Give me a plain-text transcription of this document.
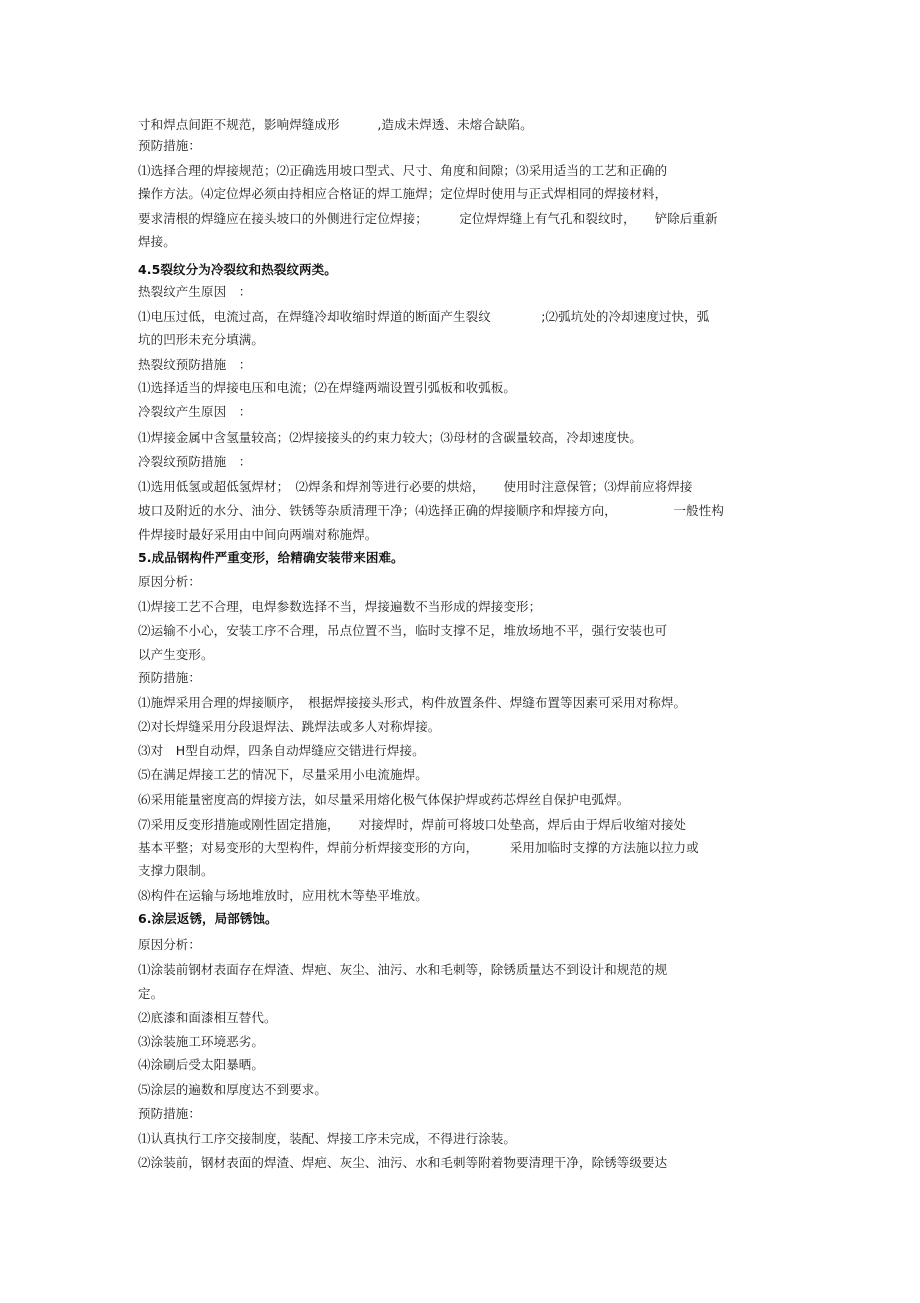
寸和焊点间距不规范，影响焊缝成形　　　,造成未焊透、未熔合缺陷。
预防措施：
⑴选择合理的焊接规范；⑵正确选用坡口型式、尺寸、角度和间隙；⑶采用适当的工艺和正确的
操作方法。⑷定位焊必须由持相应合格证的焊工施焊；定位焊时使用与正式焊相同的焊接材料，
要求清根的焊缝应在接头坡口的外侧进行定位焊接；　　　定位焊焊缝上有气孔和裂纹时，　　铲除后重新
焊接。
4.5裂纹分为冷裂纹和热裂纹两类。
热裂纹产生原因　：
⑴电压过低，电流过高，在焊缝冷却收缩时焊道的断面产生裂纹　　　　;⑵弧坑处的冷却速度过快，弧
坑的凹形未充分填满。
热裂纹预防措施　：
⑴选择适当的焊接电压和电流；⑵在焊缝两端设置引弧板和收弧板。
冷裂纹产生原因　：
⑴焊接金属中含氢量较高；⑵焊接接头的约束力较大；⑶母材的含碳量较高，冷却速度快。
冷裂纹预防措施　：
⑴选用低氢或超低氢焊材；　⑵焊条和焊剂等进行必要的烘焙，　　使用时注意保管；⑶焊前应将焊接
坡口及附近的水分、油分、铁锈等杂质清理干净；⑷选择正确的焊接顺序和焊接方向，　　　　　一般性构
件焊接时最好采用由中间向两端对称施焊。
5.成品钢构件严重变形，给精确安装带来困难。
原因分析：
⑴焊接工艺不合理，电焊参数选择不当，焊接遍数不当形成的焊接变形；
⑵运输不小心，安装工序不合理，吊点位置不当，临时支撑不足，堆放场地不平，强行安装也可
以产生变形。
预防措施：
⑴施焊采用合理的焊接顺序，　根据焊接接头形式，构件放置条件、焊缝布置等因素可采用对称焊。
⑵对长焊缝采用分段退焊法、跳焊法或多人对称焊接。
⑶对　H型自动焊，四条自动焊缝应交错进行焊接。
⑸在满足焊接工艺的情况下，尽量采用小电流施焊。
⑹采用能量密度高的焊接方法，如尽量采用熔化极气体保护焊或药芯焊丝自保护电弧焊。
⑺采用反变形措施或刚性固定措施，　　对接焊时，焊前可将坡口处垫高，焊后由于焊后收缩对接处
基本平整；对易变形的大型构件，焊前分析焊接变形的方向，　　　采用加临时支撑的方法施以拉力或
支撑力限制。
⑻构件在运输与场地堆放时，应用枕木等垫平堆放。
6.涂层返锈，局部锈蚀。
原因分析：
⑴涂装前钢材表面存在焊渣、焊疤、灰尘、油污、水和毛刺等，除锈质量达不到设计和规范的规
定。
⑵底漆和面漆相互替代。
⑶涂装施工环境恶劣。
⑷涂刷后受太阳暴晒。
⑸涂层的遍数和厚度达不到要求。
预防措施：
⑴认真执行工序交接制度，装配、焊接工序未完成，不得进行涂装。
⑵涂装前，钢材表面的焊渣、焊疤、灰尘、油污、水和毛刺等附着物要清理干净，除锈等级要达
